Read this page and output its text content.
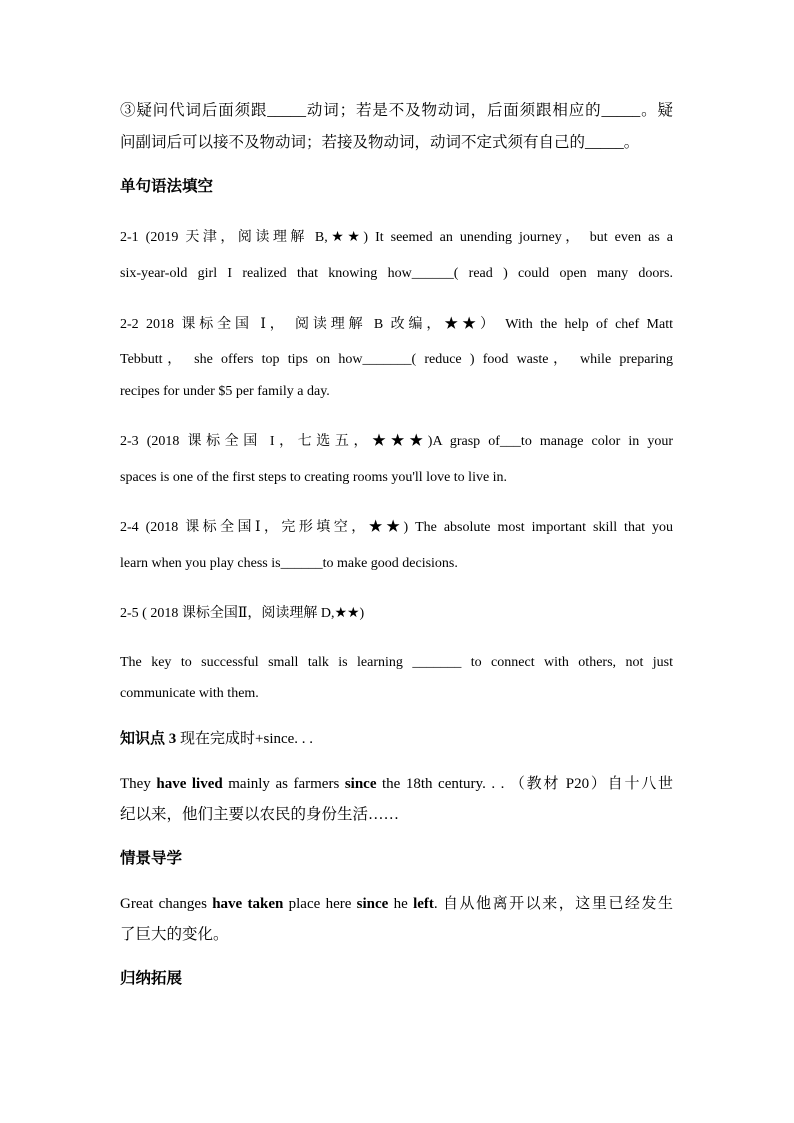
③疑问代词后面须跟_____动词；若是不及物动词，后面须跟相应的_____。疑
问副词后可以接不及物动词；若接及物动词，动词不定式须有自己的_____。
单句语法填空
2-1 (2019 天津，阅读理解 B,★★) It seemed an unending journey， but even as a
six-year-old girl I realized that knowing how______( read ) could open many doors.
2-2 2018 课标全国 Ⅰ， 阅读理解 B 改编，★★） With the help of chef Matt
Tebbutt， she offers top tips on how_______( reduce ) food waste， while preparing
recipes for under $5 per family a day.
2-3 (2018 课标全国 I，七选五，★★★)A grasp of___to manage color in your
spaces is one of the first steps to creating rooms you'll love to live in.
2-4 (2018 课标全国Ⅰ，完形填空，★★) The absolute most important skill that you
learn when you play chess is______to make good decisions.
2-5 ( 2018 课标全国Ⅱ，阅读理解 D,★★)
The key to successful small talk is learning _______ to connect with others, not just
communicate with them.
知识点 3 现在完成时+since. . .
They have lived mainly as farmers since the 18th century. . . （教材 P20）自十八世
纪以来，他们主要以农民的身份生活……
情景导学
Great changes have taken place here since he left. 自从他离开以来，这里已经发生
了巨大的变化。
归纳拓展
